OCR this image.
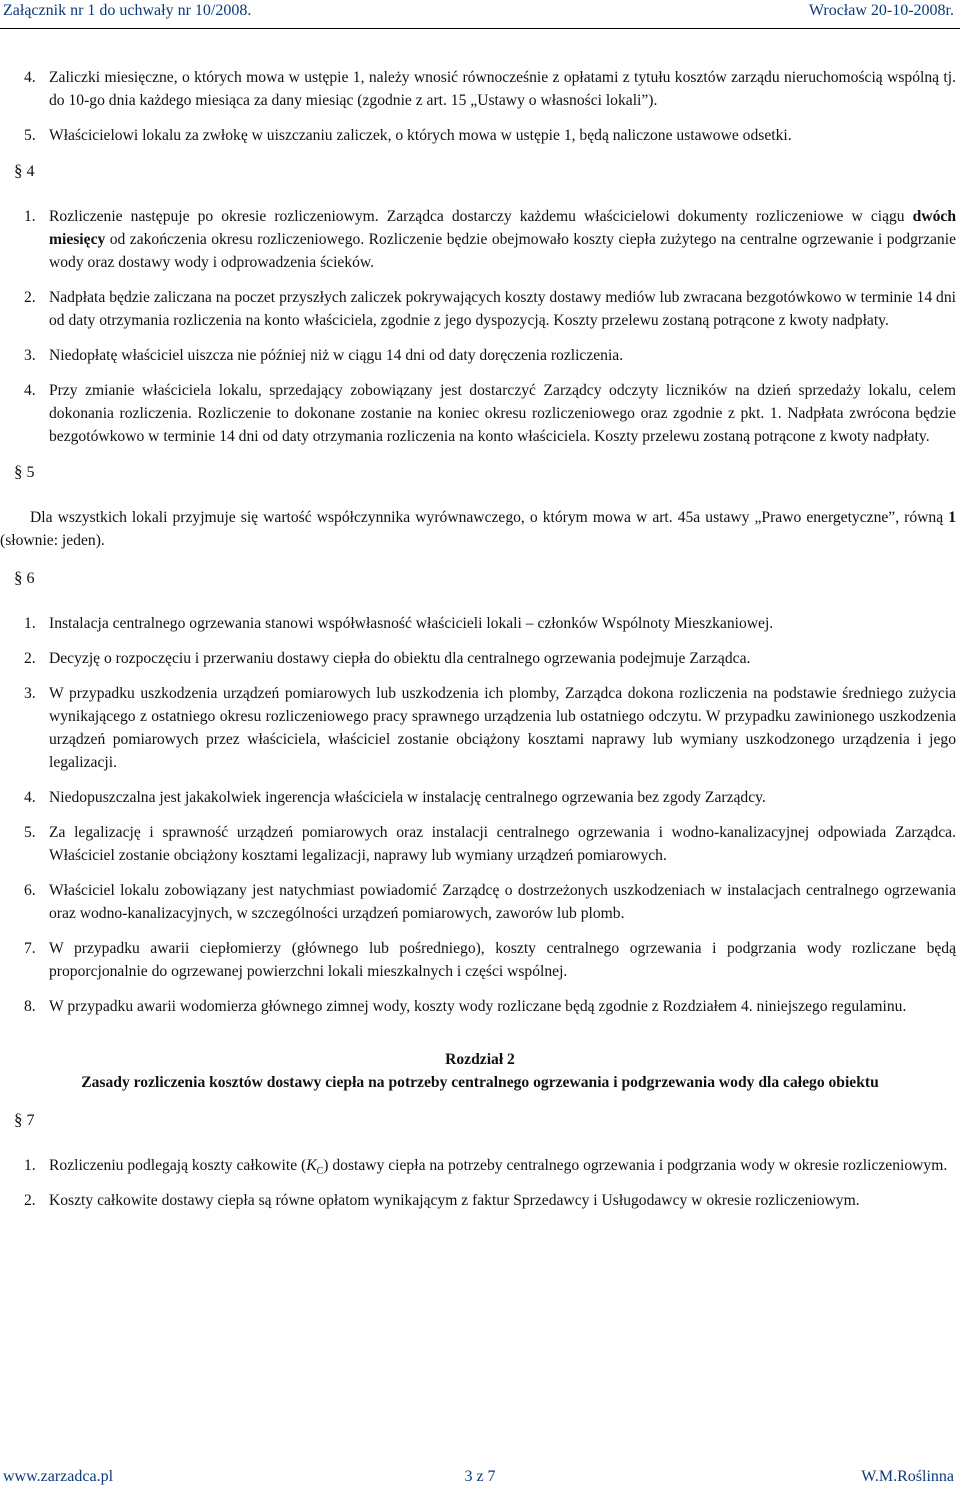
Załącznik nr 1 do uchwały nr 10/2008.	Wrocław 20-10-2008r.
4. Zaliczki miesięczne, o których mowa w ustępie 1, należy wnosić równocześnie z opłatami z tytułu kosztów zarządu nieruchomością wspólną tj. do 10-go dnia każdego miesiąca za dany miesiąc (zgodnie z art. 15 „Ustawy o własności lokali”).
5. Właścicielowi lokalu za zwłokę w uiszczaniu zaliczek, o których mowa w ustępie 1, będą naliczone ustawowe odsetki.
§ 4
1. Rozliczenie następuje po okresie rozliczeniowym. Zarządca dostarczy każdemu właścicielowi dokumenty rozliczeniowe w ciągu dwóch miesięcy od zakończenia okresu rozliczeniowego. Rozliczenie będzie obejmowało koszty ciepła zużytego na centralne ogrzewanie i podgrzanie wody oraz dostawy wody i odprowadzenia ścieków.
2. Nadpłata będzie zaliczana na poczet przyszłych zaliczek pokrywających koszty dostawy mediów lub zwracana bezgotówkowo w terminie 14 dni od daty otrzymania rozliczenia na konto właściciela, zgodnie z jego dyspozycją. Koszty przelewu zostaną potrącone z kwoty nadpłaty.
3. Niedopłatę właściciel uiszcza nie później niż w ciągu 14 dni od daty doręczenia rozliczenia.
4. Przy zmianie właściciela lokalu, sprzedający zobowiązany jest dostarczyć Zarządcy odczyty liczników na dzień sprzedaży lokalu, celem dokonania rozliczenia. Rozliczenie to dokonane zostanie na koniec okresu rozliczeniowego oraz zgodnie z pkt. 1. Nadpłata zwrócona będzie bezgotówkowo w terminie 14 dni od daty otrzymania rozliczenia na konto właściciela. Koszty przelewu zostaną potrącone z kwoty nadpłaty.
§ 5

Dla wszystkich lokali przyjmuje się wartość współczynnika wyrównawczego, o którym mowa w art. 45a ustawy „Prawo energetyczne”, równą 1 (słownie: jeden).

§ 6
1. Instalacja centralnego ogrzewania stanowi współwłasność właścicieli lokali – członków Wspólnoty Mieszkaniowej.
2. Decyzję o rozpoczęciu i przerwaniu dostawy ciepła do obiektu dla centralnego ogrzewania podejmuje Zarządca.
3. W przypadku uszkodzenia urządzeń pomiarowych lub uszkodzenia ich plomby, Zarządca dokona rozliczenia na podstawie średniego zużycia wynikającego z ostatniego okresu rozliczeniowego pracy sprawnego urządzenia lub ostatniego odczytu. W przypadku zawinionego uszkodzenia urządzeń pomiarowych przez właściciela, właściciel zostanie obciążony kosztami naprawy lub wymiany uszkodzonego urządzenia i jego legalizacji.
4. Niedopuszczalna jest jakakolwiek ingerencja właściciela w instalację centralnego ogrzewania bez zgody Zarządcy.
5. Za legalizację i sprawność urządzeń pomiarowych oraz instalacji centralnego ogrzewania i wodno-kanalizacyjnej odpowiada Zarządca. Właściciel zostanie obciążony kosztami legalizacji, naprawy lub wymiany urządzeń pomiarowych.
6. Właściciel lokalu zobowiązany jest natychmiast powiadomić Zarządcę o dostrzeżonych uszkodzeniach w instalacjach centralnego ogrzewania oraz wodno-kanalizacyjnych, w szczególności urządzeń pomiarowych, zaworów lub plomb.
7. W przypadku awarii ciepłomierzy (głównego lub pośredniego), koszty centralnego ogrzewania i podgrzania wody rozliczane będą proporcjonalnie do ogrzewanej powierzchni lokali mieszkalnych i części wspólnej.
8. W przypadku awarii wodomierza głównego zimnej wody, koszty wody rozliczane będą zgodnie z Rozdziałem 4. niniejszego regulaminu.
Rozdział 2
Zasady rozliczenia kosztów dostawy ciepła na potrzeby centralnego ogrzewania i podgrzewania wody dla całego obiektu
§ 7
1. Rozliczeniu podlegają koszty całkowite $(K_C)$ dostawy ciepła na potrzeby centralnego ogrzewania i podgrzania wody w okresie rozliczeniowym.
2. Koszty całkowite dostawy ciepła są równe opłatom wynikającym z faktur Sprzedawcy i Usługodawcy w okresie rozliczeniowym.
www.zarzadca.pl	3 z 7	W.M.Roślinna
